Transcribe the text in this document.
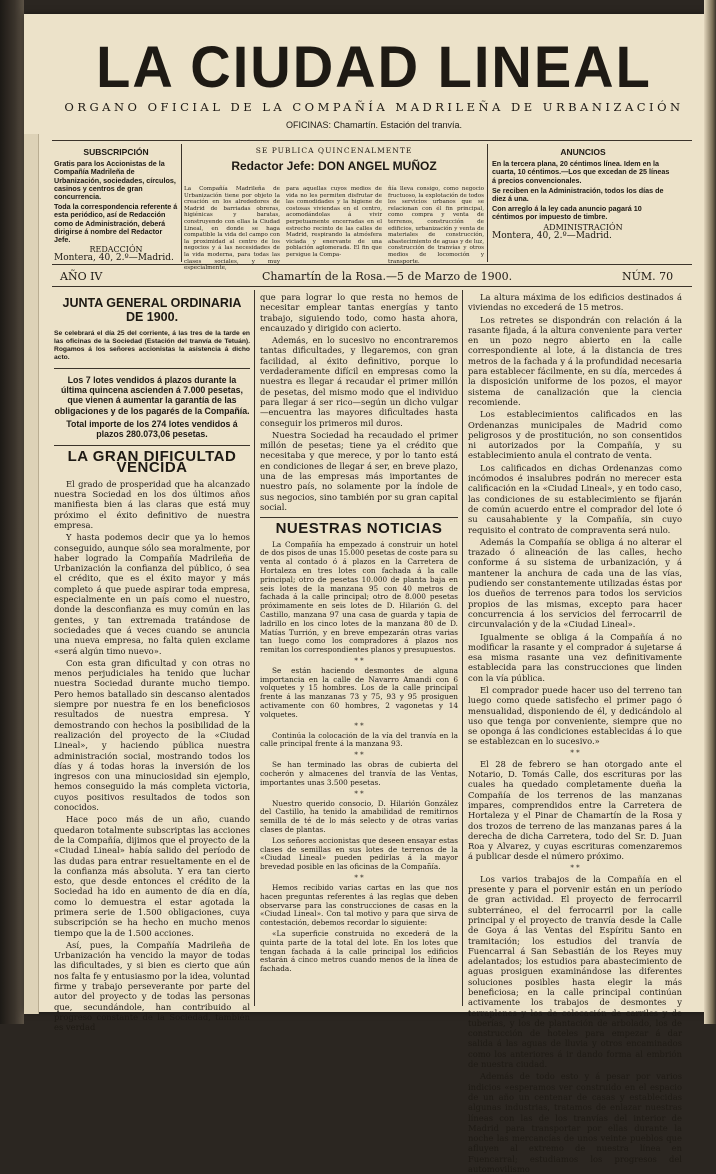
LA CIUDAD LINEAL
ORGANO OFICIAL DE LA COMPAÑÍA MADRILEÑA DE URBANIZACIÓN
OFICINAS: Chamartín. Estación del tranvía.
SUBSCRIPCIÓN

Gratis para los Accionistas de la Compañía Madrileña de Urbanización, sociedades, círculos, casinos y centros de gran concurrencia.

Toda la correspondencia referente á esta periódico, así de Redacción como de Administración, deberá dirigirse á nombre del Redactor Jefe.

REDACCIÓN
Montera, 40, 2.º—Madrid.
SE PUBLICA QUINCENALMENTE
Redactor Jefe: DON ANGEL MUÑOZ
La Compañía Madrileña de Urbanización tiene por objeto la creación en los alrededores de Madrid de barriadas obreras, higiénicas y baratas, construyendo con ellas la Ciudad Lineal, en donde se haga compatible la vida del campo con la proximidad al centro de los negocios y á las necesidades de la vida moderna, para todas las clases sociales, y muy especialmente,
para aquellas cuyos medios de vida no les permiten disfrutar de las comodidades y la higiene de costosas viviendas en el centro, acomodándolas á vivir perpetuamente encerradas en el estrecho recinto de las calles de Madrid, respirando la atmósfera viciada y enervante de una población aglomerada. El fin que persigue la Compa-
ñía lleva consigo, como negocio fructuoso, la explotación de todos los servicios urbanos que se relacionan con él fin principal, como compra y venta de terrenos, construcción de edificios, urbanización y venta de materiales de construcción, abastecimiento de aguas y de luz, construcción de tranvías y otros medios de locomoción y transporte.
ANUNCIOS

En la tercera plana, 20 céntimos línea. Idem en la cuarta, 10 céntimos.—Los que excedan de 25 líneas á precios convencionales.

Se reciben en la Administración, todos los días de diez á una.

Con arreglo á la ley cada anuncio pagará 10 céntimos por impuesto de timbre.

ADMINISTRACIÓN
Montera, 40, 2.º—Madrid.
AÑO IV	Chamartín de la Rosa.—5 de Marzo de 1900.	NÚM. 70
JUNTA GENERAL ORDINARIA DE 1900.
Se celebrará el día 25 del corriente, á las tres de la tarde en las oficinas de la Sociedad (Estación del tranvía de Tetuán). Rogamos á los señores accionistas la asistencia á dicho acto.
Los 7 lotes vendidos á plazos durante la última quincena ascienden á 7.000 pesetas, que vienen á aumentar la garantía de las obligaciones y de los pagarés de la Compañía.
Total importe de los 274 lotes vendidos á plazos 280.073,06 pesetas.
LA GRAN DIFICULTAD VENCIDA

El grado de prosperidad que ha alcanzado nuestra Sociedad en los dos últimos años manifiesta bien á las claras que está muy próximo el éxito definitivo de nuestra empresa.

Y hasta podemos decir que ya lo hemos conseguido, aunque sólo sea moralmente, por haber logrado la Compañía Madrileña de Urbanización la confianza del público, ó sea el crédito, que es el éxito mayor y más completo á que puede aspirar toda empresa, especialmente en un país como el nuestro, donde la desconfianza es muy común en las gentes, y tan extremada tratándose de sociedades que á veces cuando se anuncia una nueva empresa, no falta quien exclame «será algún timo nuevo».

Con esta gran dificultad y con otras no menos perjudiciales ha tenido que luchar nuestra Sociedad durante mucho tiempo. Pero hemos batallado sin descanso alentados siempre por nuestra fe en los beneficiosos resultados de nuestra empresa. Y demostrando con hechos la posibilidad de la realización del proyecto de la «Ciudad Lineal», y haciendo pública nuestra administración social, mostrando todos los días y á todas horas la inversión de los ingresos con una minuciosidad sin ejemplo, hemos conseguido la más completa victoria, cuyos positivos resultados de todos son conocidos.

Hace poco más de un año, cuando quedaron totalmente subscriptas las acciones de la Compañía, dijimos que el proyecto de la «Ciudad Lineal» había salido del período de las dudas para entrar resueltamente en el de la confianza más absoluta. Y era tan cierto esto, que desde entonces el crédito de la Sociedad ha ido en aumento de día en día, como lo demuestra el estar agotada la primera serie de 1.500 obligaciones, cuya subscripción se ha hecho en mucho menos tiempo que la de 1.500 acciones.

Así, pues, la Compañía Madrileña de Urbanización ha vencido la mayor de todas las dificultades, y si bien es cierto que aún nos falta fe y entusiasmo por la idea, voluntad firme y trabajo perseverante por parte del autor del proyecto y de todas las personas que, secundándole, han contribuido al progreso constante de la Sociedad, también es verdad

que para lograr lo que resta no hemos de necesitar emplear tantas energías y tanto trabajo, siguiendo todo, como hasta ahora, encauzado y dirigido con acierto.

Además, en lo sucesivo no encontraremos tantas dificultades, y llegaremos, con gran facilidad, al éxito definitivo, porque lo verdaderamente difícil en empresas como la nuestra es llegar á recaudar el primer millón de pesetas, del mismo modo que el individuo para llegar á ser rico—según un dicho vulgar—encuentra las mayores dificultades hasta conseguir los primeros mil duros.

Nuestra Sociedad ha recaudado el primer millón de pesetas; tiene ya el crédito que necesitaba y que merece, y por lo tanto está en condiciones de llegar á ser, en breve plazo, una de las empresas más importantes de nuestro país, no solamente por la índole de sus negocios, sino también por su gran capital social.

NUESTRAS NOTICIAS

La Compañía ha empezado á construir un hotel de dos pisos de unas 15.000 pesetas de coste para su venta al contado ó á plazos en la Carretera de Hortaleza en tres lotes con fachada á la calle principal; otro de pesetas 10.000 de planta baja en seis lotes de la manzana 95 con 40 metros de fachada á la calle principal; otro de 8.000 pesetas próximamente en seis lotes de D. Hilarión G. del Castillo, manzana 97 una casa de guarda y tapia de ladrillo en los cinco lotes de la manzana 80 de D. Matías Turrión, y en breve empezarán otras varias tan luego como los compradores á plazos nos remitan los correspondientes planos y presupuestos.

* *

Se están haciendo desmontes de alguna importancia en la calle de Navarro Amandi con 6 volquetes y 15 hombres. Los de la calle principal frente á las manzanas 73 y 75, 93 y 95 prosiguen activamente con 60 hombres, 2 vagonetas y 14 volquetes.

* *

Continúa la colocación de la vía del tranvía en la calle principal frente á la manzana 93.

* *

Se han terminado las obras de cubierta del cocherón y almacenes del tranvía de las Ventas, importantes unas 3.500 pesetas.

* *

Nuestro querido consocio, D. Hilarión González del Castillo, ha tenido la amabilidad de remitirnos semilla de té de lo más selecto y de otras varias clases de plantas.

Los señores accionistas que deseen ensayar estas clases de semillas en sus lotes de terrenos de la «Ciudad Lineal» pueden pedirlas á la mayor brevedad posible en las oficinas de la Compañía.

* *

Hemos recibido varias cartas en las que nos hacen preguntas referentes á las reglas que deben observarse para las construcciones de casas en la «Ciudad Lineal». Con tal motivo y para que sirva de contestación, debemos recordar lo siguiente:

«La superficie construida no excederá de la quinta parte de la total del lote. En los lotes que tengan fachada á la calle principal los edificios estarán á cinco metros cuando menos de la línea de fachada.

La altura máxima de los edificios destinados á viviendas no excederá de 15 metros.

Los retretes se dispondrán con relación á la rasante fijada, á la altura conveniente para verter en un pozo negro abierto en la calle correspondiente al lote, á la distancia de tres metros de la fachada y á la profundidad necesaria para establecer fácilmente, en su día, mercedes á la disposición uniforme de los pozos, el mayor sistema de canalización que la ciencia recomiende.

Los establecimientos calificados en las Ordenanzas municipales de Madrid como peligrosos y de prostitución, no son consentidos ni autorizados por la Compañía, y su establecimiento anula el contrato de venta.

Los calificados en dichas Ordenanzas como incómodos é insalubres podrán no merecer esta calificación en la «Ciudad Lineal», y en todo caso, las condiciones de su establecimiento se fijarán de común acuerdo entre el comprador del lote ó su causahabiente y la Compañía, sin cuyo requisito el contrato de compraventa será nulo.

Además la Compañía se obliga á no alterar el trazado ó alineación de las calles, hecho conforme á su sistema de urbanización, y á mantener la anchura de cada una de las vías, pudiendo ser constantemente utilizadas éstas por los dueños de terrenos para todos los servicios propios de las mismas, excepto para hacer concurrencia á los servicios del ferrocarril de circunvalación y de la «Ciudad Lineal».

Igualmente se obliga á la Compañía á no modificar la rasante y el comprador á sujetarse á esa misma rasante una vez definitivamente establecida para las construcciones que linden con la vía pública.

El comprador puede hacer uso del terreno tan luego como quede satisfecho el primer pago ó mensualidad, disponiendo de él, y dedicándolo al uso que tenga por conveniente, siempre que no se oponga á las condiciones establecidas á lo que se establezcan en lo sucesivo.»

* *

El 28 de febrero se han otorgado ante el Notario, D. Tomás Calle, dos escrituras por las cuales ha quedado completamente dueña la Compañía de los terrenos de las manzanas impares, comprendidos entre la Carretera de Hortaleza y el Pinar de Chamartín de la Rosa y dos trozos de terreno de las manzanas pares á la derecha de dicha Carretera, todo del Sr. D. Juan Roa y Alvarez, y cuyas escrituras comenzaremos á publicar desde el número próximo.

* *

Los varios trabajos de la Compañía en el presente y para el porvenir están en un período de gran actividad. El proyecto de ferrocarril subterráneo, el del ferrocarril por la calle principal y el proyecto de tranvía desde la Calle de Goya á las Ventas del Espíritu Santo en tramitación; los estudios del tranvía de Fuencarral á San Sebastián de los Reyes muy adelantados; los estudios para abastecimiento de aguas prosiguen examinándose las diferentes soluciones posibles hasta elegir la más beneficiosa; en la calle principal continúan activamente los trabajos de desmontes y terraplenes y los de colocación de carriles y de tuberías, y los de plantación de arbolado, los de construcción de hoteles para empezar á dar salida á las aguas de lluvia y otros encaminados como los anteriores á ir dando forma al embrión de nuestra ciudad.

Además de todo esto y á pesar por varios indicios «esperamos ver construido en el espacio de un año un centenar de casas y establecidas algunas industrias, tratamos de enlazar nuestras líneas con las de los tranvías del interior de Madrid para transportar por ellas durante la noche las mercancías de unos veinte pueblos que afluyen al extremo de nuestra línea en Fuencarral; estudiamos los progresos del automovilismo
